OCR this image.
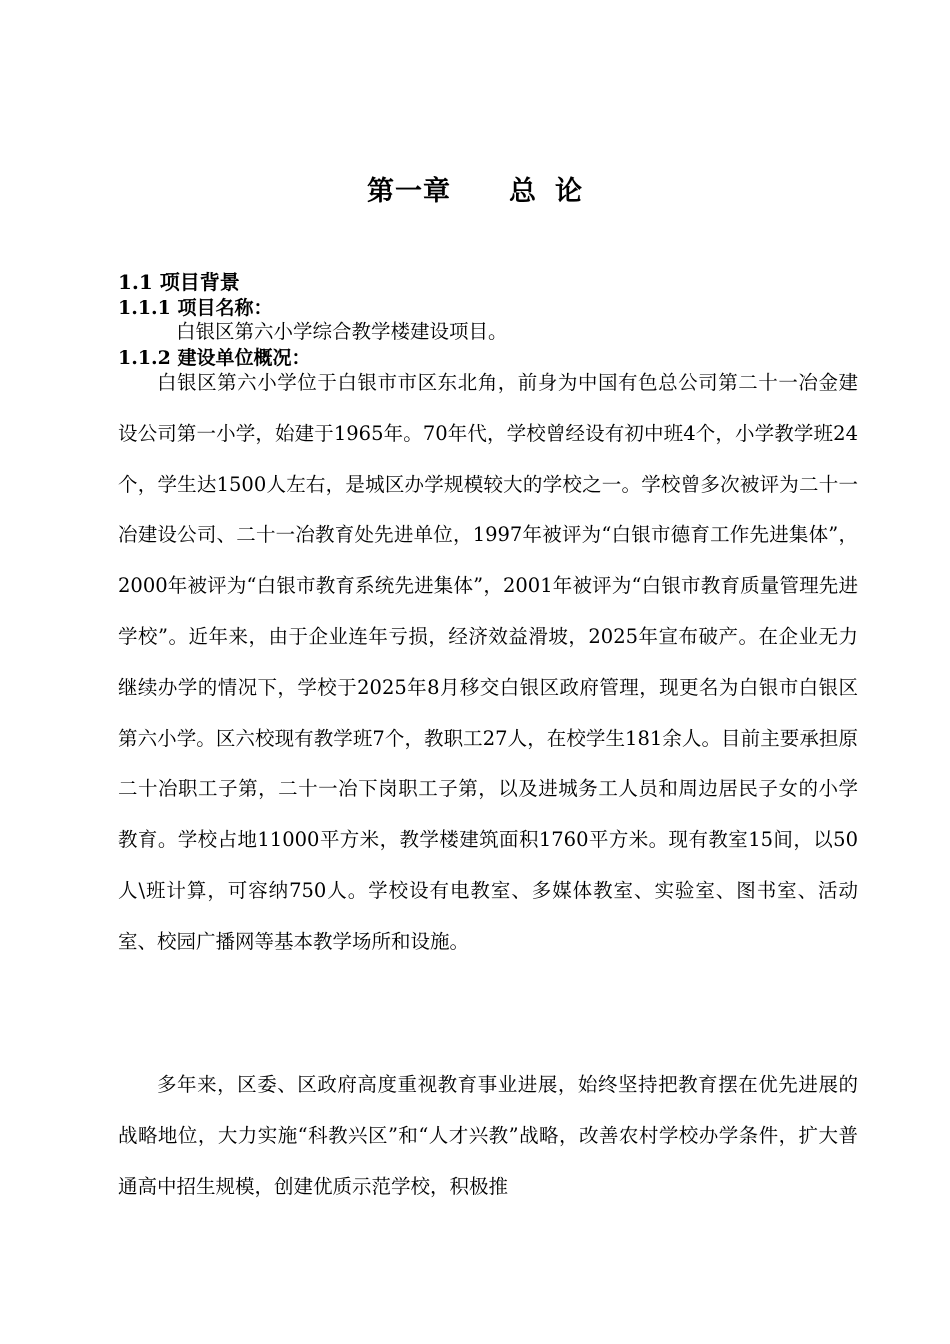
第一章 总 论
1.1 项目背景
1.1.1 项目名称：

白银区第六小学综合教学楼建设项目。

1.1.2 建设单位概况：

白银区第六小学位于白银市市区东北角，前身为中国有色总公司第二十一冶金建设公司第一小学，始建于1965年。70年代，学校曾经设有初中班4个，小学教学班24个，学生达1500人左右，是城区办学规模较大的学校之一。学校曾多次被评为二十一冶建设公司、二十一冶教育处先进单位，1997年被评为“白银市德育工作先进集体”，2000年被评为“白银市教育系统先进集体”，2001年被评为“白银市教育质量管理先进学校”。近年来，由于企业连年亏损，经济效益滑坡，2025年宣布破产。在企业无力继续办学的情况下，学校于2025年8月移交白银区政府管理，现更名为白银市白银区第六小学。区六校现有教学班7个，教职工27人，在校学生181余人。目前主要承担原二十冶职工子第，二十一冶下岗职工子第，以及进城务工人员和周边居民子女的小学教育。学校占地11000平方米，教学楼建筑面积1760平方米。现有教室15间，以50人\班计算，可容纳750人。学校设有电教室、多媒体教室、实验室、图书室、活动室、校园广播网等基本教学场所和设施。

多年来，区委、区政府高度重视教育事业进展，始终坚持把教育摆在优先进展的战略地位，大力实施“科教兴区”和“人才兴教”战略，改善农村学校办学条件，扩大普通高中招生规模，创建优质示范学校，积极推
